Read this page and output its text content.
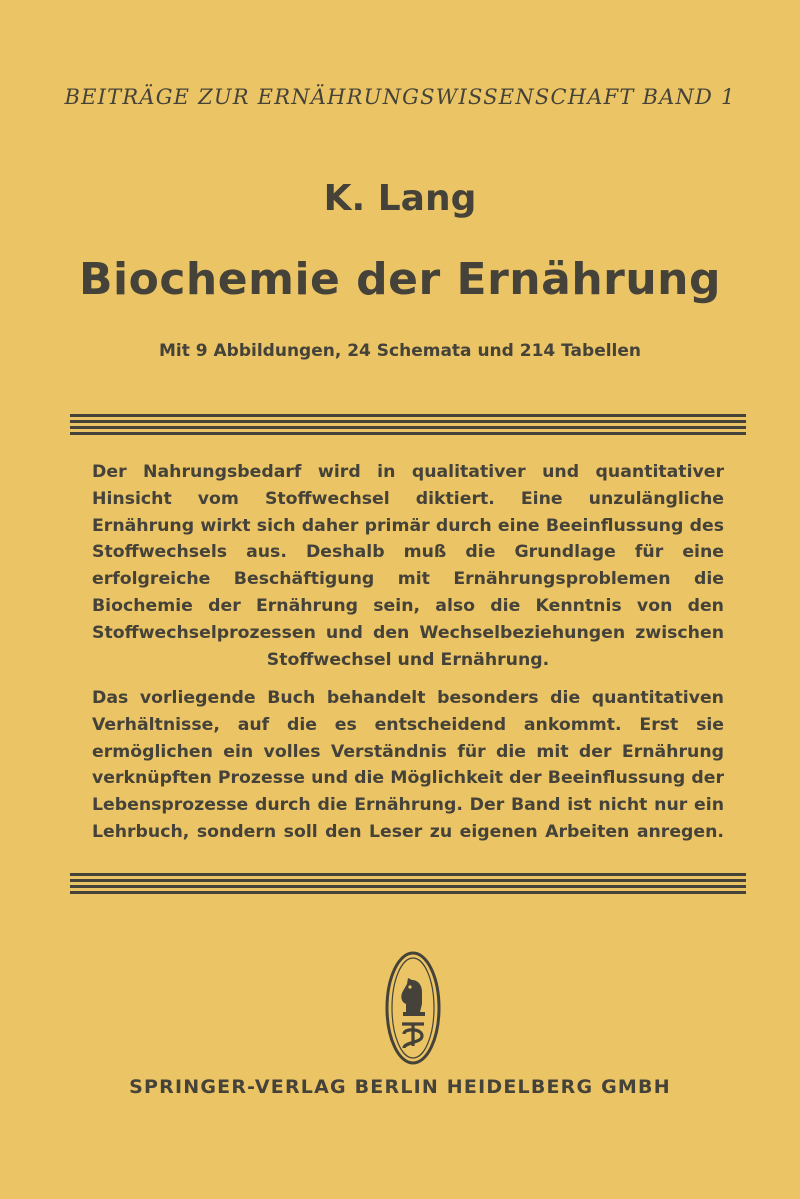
BEITRÄGE ZUR ERNÄHRUNGSWISSENSCHAFT BAND 1
K. Lang
Biochemie der Ernährung
Mit 9 Abbildungen, 24 Schemata und 214 Tabellen
Der Nahrungsbedarf wird in qualitativer und quantitativer Hinsicht vom Stoffwechsel diktiert. Eine unzulängliche Ernährung wirkt sich daher primär durch eine Beeinflussung des Stoffwechsels aus. Deshalb muß die Grundlage für eine erfolgreiche Beschäftigung mit Ernährungsproblemen die Biochemie der Ernährung sein, also die Kenntnis von den Stoffwechselprozessen und den Wechselbeziehungen zwischen Stoffwechsel und Ernährung.
Das vorliegende Buch behandelt besonders die quantitativen Verhältnisse, auf die es entscheidend ankommt. Erst sie ermöglichen ein volles Verständnis für die mit der Ernährung verknüpften Prozesse und die Möglichkeit der Beeinflussung der Lebensprozesse durch die Ernährung. Der Band ist nicht nur ein Lehrbuch, sondern soll den Leser zu eigenen Arbeiten anregen.
SPRINGER-VERLAG BERLIN HEIDELBERG GMBH
